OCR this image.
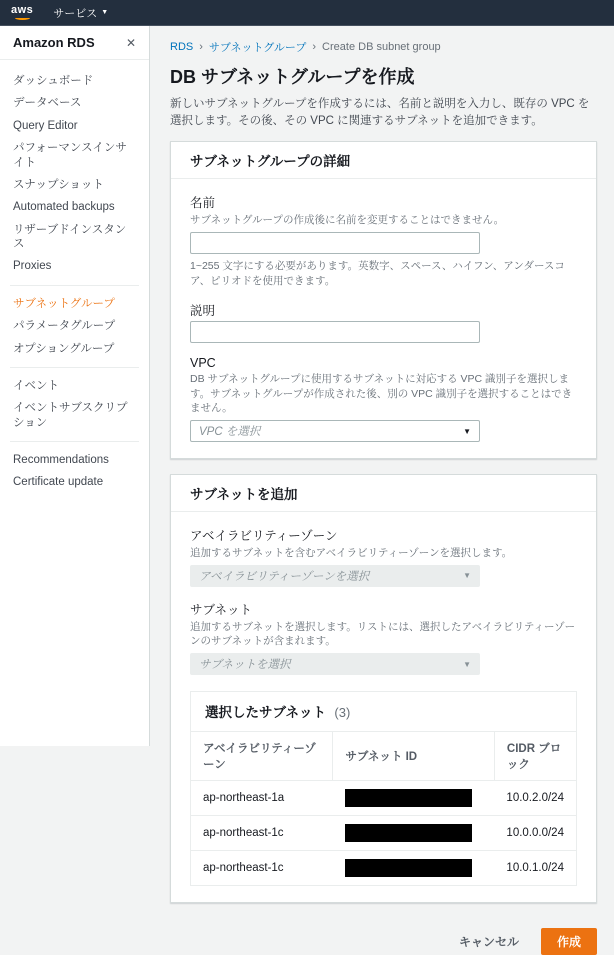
aws サービス ▼
Amazon RDS	✕
ダッシュボード
データベース
Query Editor
パフォーマンスインサイト
スナップショット
Automated backups
リザーブドインスタンス
Proxies
サブネットグループ
パラメータグループ
オプショングループ
イベント
イベントサブスクリプション
Recommendations
Certificate update
RDS › サブネットグループ › Create DB subnet group
DB サブネットグループを作成

新しいサブネットグループを作成するには、名前と説明を入力し、既存の VPC を選択します。その後、その VPC に関連するサブネットを追加できます。

サブネットグループの詳細
名前
サブネットグループの作成後に名前を変更することはできません。
1~255 文字にする必要があります。英数字、スペース、ハイフン、アンダースコア、ピリオドを使用できます。
説明
VPC
DB サブネットグループに使用するサブネットに対応する VPC 識別子を選択します。サブネットグループが作成された後、別の VPC 識別子を選択することはできません。
VPC を選択	▼
サブネットを追加
アベイラビリティーゾーン
追加するサブネットを含むアベイラビリティーゾーンを選択します。
アベイラビリティーゾーンを選択	▼
サブネット
追加するサブネットを選択します。リストには、選択したアベイラビリティーゾーンのサブネットが含まれます。
サブネットを選択	▼
選択したサブネット (3)
アベイラビリティーゾーン	サブネット ID	CIDR ブロック
ap-northeast-1a		10.0.2.0/24
ap-northeast-1c		10.0.0.0/24
ap-northeast-1c		10.0.1.0/24
キャンセル	作成
